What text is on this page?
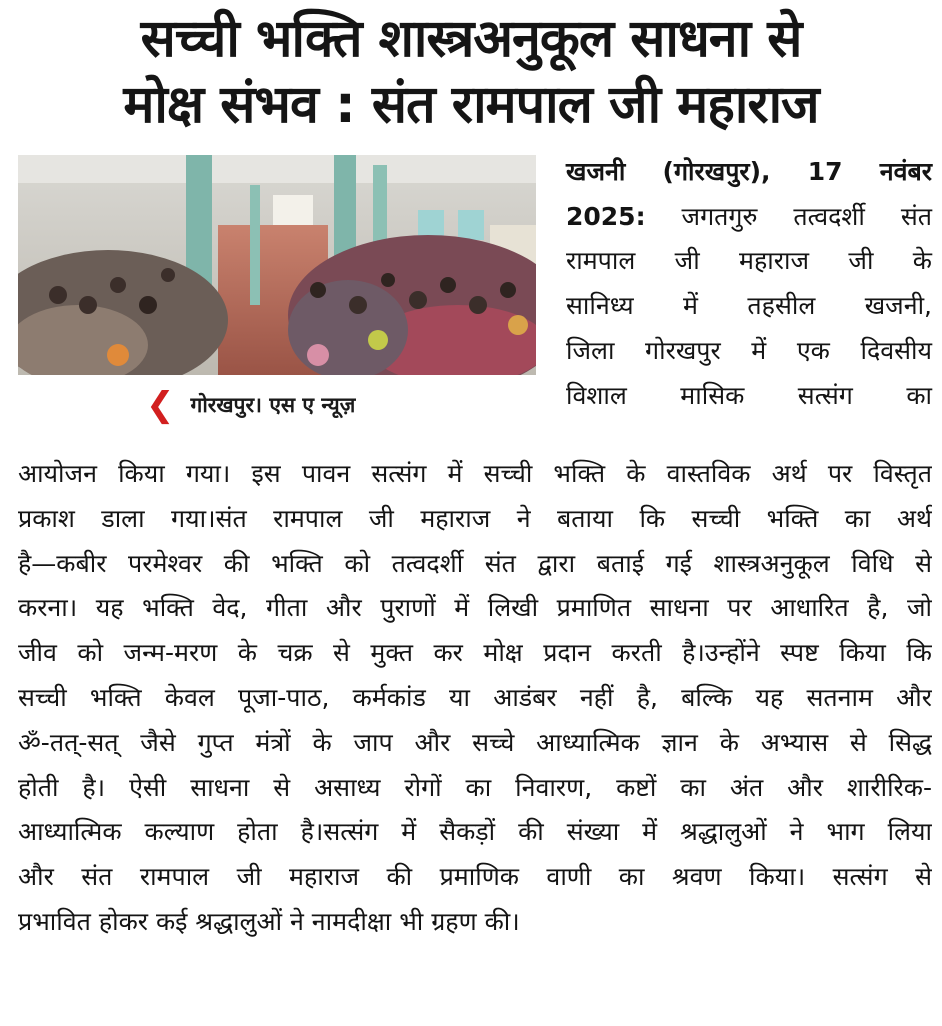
सच्ची भक्ति शास्त्रअनुकूल साधना से
मोक्ष संभव : संत रामपाल जी महाराज
❮ गोरखपुर। एस ए न्यूज़
खजनी (गोरखपुर), 17 नवंबर 2025: जगतगुरु तत्वदर्शी संत
रामपाल जी महाराज जी के
सानिध्य में तहसील खजनी,
जिला गोरखपुर में एक दिवसीय
विशाल मासिक सत्संग का
आयोजन किया गया। इस पावन सत्संग में सच्ची भक्ति के वास्तविक अर्थ पर विस्तृत
प्रकाश डाला गया।संत रामपाल जी महाराज ने बताया कि सच्ची भक्ति का अर्थ
है—कबीर परमेश्वर की भक्ति को तत्वदर्शी संत द्वारा बताई गई शास्त्रअनुकूल विधि से
करना। यह भक्ति वेद, गीता और पुराणों में लिखी प्रमाणित साधना पर आधारित है, जो
जीव को जन्म-मरण के चक्र से मुक्त कर मोक्ष प्रदान करती है।उन्होंने स्पष्ट किया कि
सच्ची भक्ति केवल पूजा-पाठ, कर्मकांड या आडंबर नहीं है, बल्कि यह सतनाम और
ॐ-तत्-सत् जैसे गुप्त मंत्रों के जाप और सच्चे आध्यात्मिक ज्ञान के अभ्यास से सिद्ध
होती है। ऐसी साधना से असाध्य रोगों का निवारण, कष्टों का अंत और शारीरिक-
आध्यात्मिक कल्याण होता है।सत्संग में सैकड़ों की संख्या में श्रद्धालुओं ने भाग लिया
और संत रामपाल जी महाराज की प्रमाणिक वाणी का श्रवण किया। सत्संग से
प्रभावित होकर कई श्रद्धालुओं ने नामदीक्षा भी ग्रहण की।
